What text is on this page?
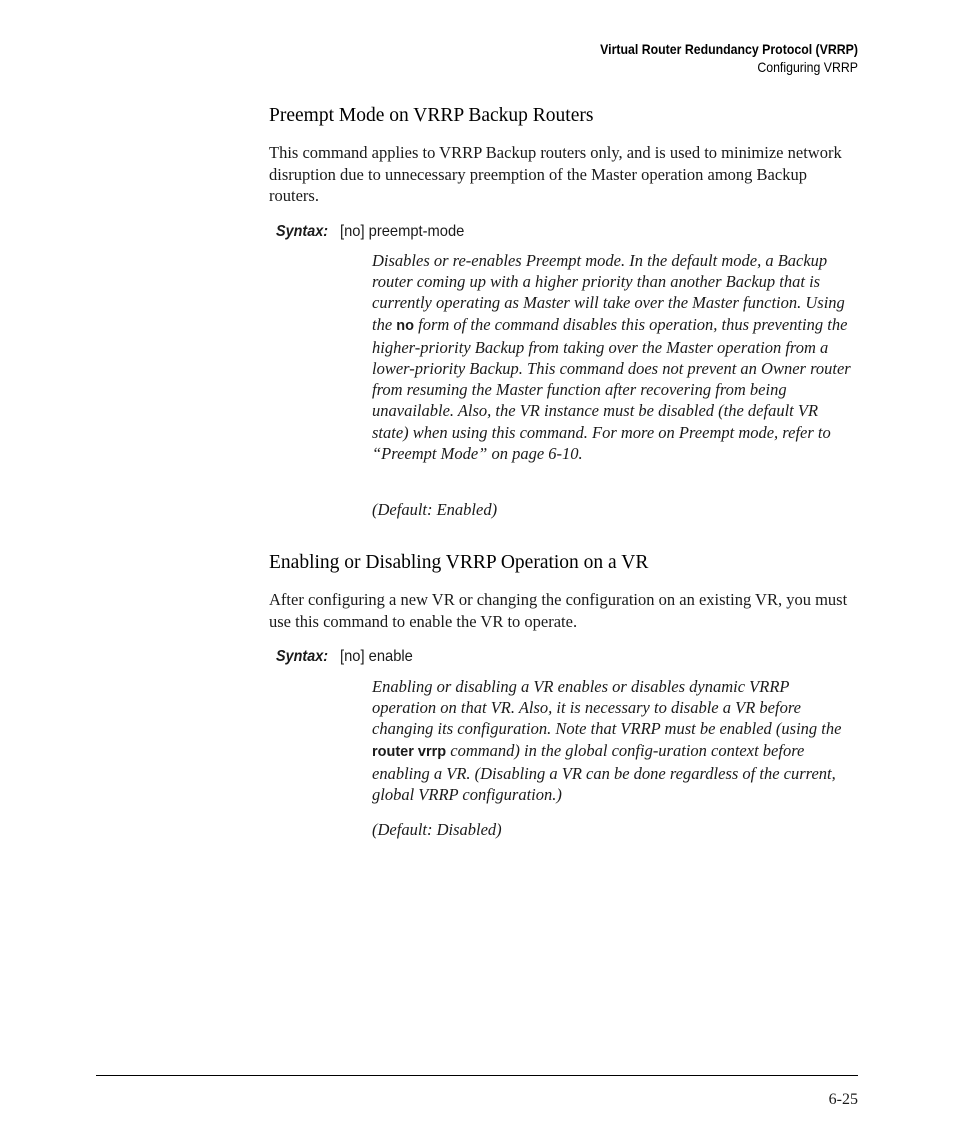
Virtual Router Redundancy Protocol (VRRP)
Configuring VRRP
Preempt Mode on VRRP Backup Routers
This command applies to VRRP Backup routers only, and is used to minimize network disruption due to unnecessary preemption of the Master operation among Backup routers.
Syntax: [no] preempt-mode
Disables or re-enables Preempt mode. In the default mode, a Backup router coming up with a higher priority than another Backup that is currently operating as Master will take over the Master function. Using the no form of the command disables this operation, thus preventing the higher-priority Backup from taking over the Master operation from a lower-priority Backup. This command does not prevent an Owner router from resuming the Master function after recovering from being unavailable. Also, the VR instance must be disabled (the default VR state) when using this command. For more on Preempt mode, refer to “Preempt Mode” on page 6-10.
(Default: Enabled)
Enabling or Disabling VRRP Operation on a VR
After configuring a new VR or changing the configuration on an existing VR, you must use this command to enable the VR to operate.
Syntax: [no] enable
Enabling or disabling a VR enables or disables dynamic VRRP operation on that VR. Also, it is necessary to disable a VR before changing its configuration. Note that VRRP must be enabled (using the router vrrp command) in the global config-uration context before enabling a VR. (Disabling a VR can be done regardless of the current, global VRRP configuration.)
(Default: Disabled)
6-25
